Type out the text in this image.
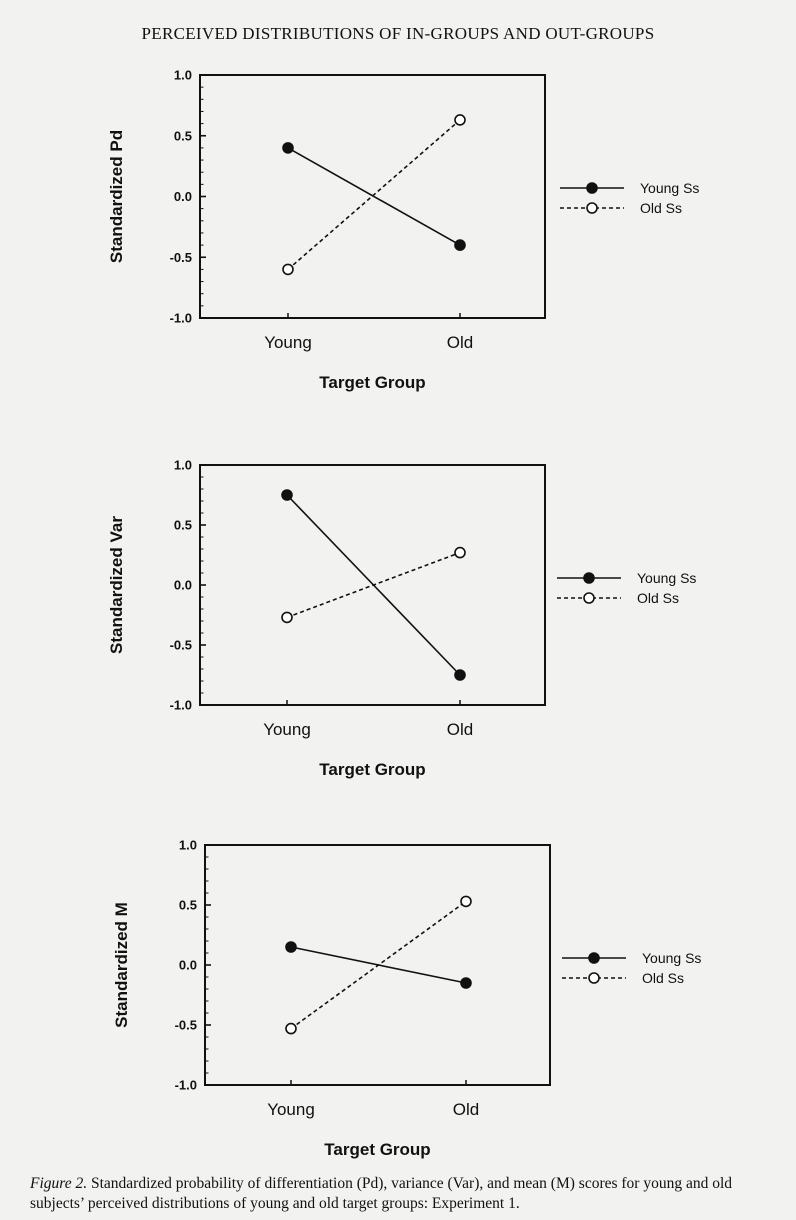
PERCEIVED DISTRIBUTIONS OF IN-GROUPS AND OUT-GROUPS
1.0
0.5
0.0
-0.5
-1.0
Young	Old
Target Group
Standardized Pd	Young Ss
Old Ss
1.0
0.5
0.0
-0.5
-1.0
Young	Old
Target Group
Standardized Var	Young Ss
Old Ss
1.0
0.5
0.0
-0.5
-1.0
Young	Old
Target Group
Standardized M	Young Ss
Old Ss
Figure 2. Standardized probability of differentiation (Pd), variance (Var), and mean (M) scores for young and old subjects’ perceived distributions of young and old target groups: Experiment 1.
